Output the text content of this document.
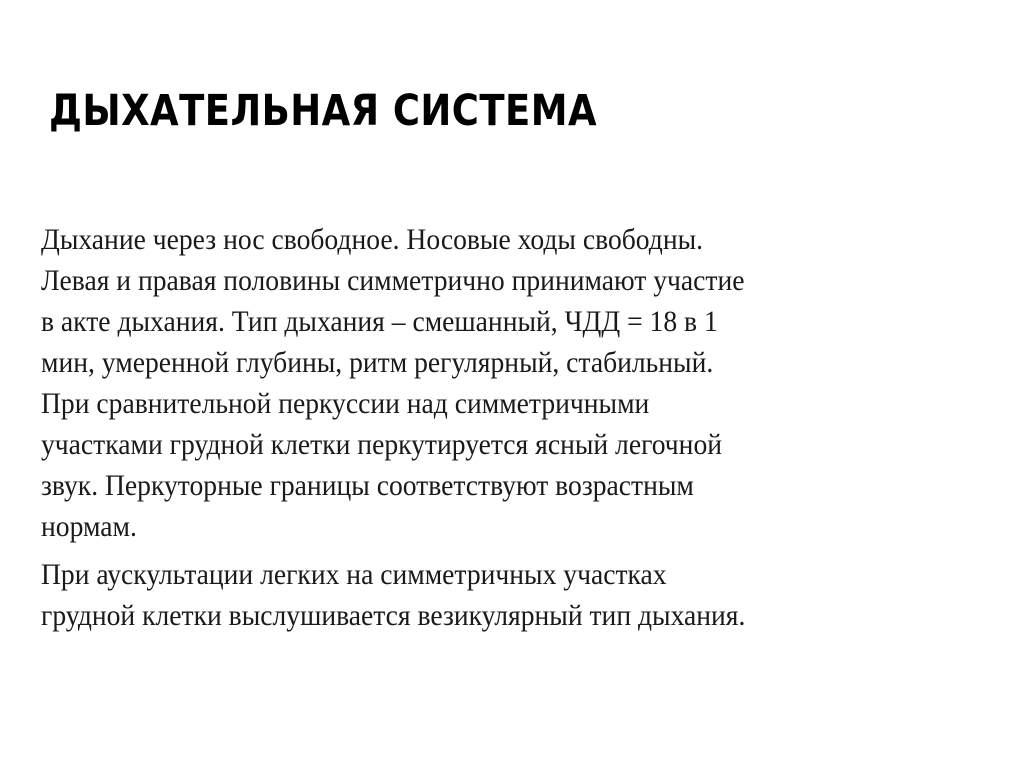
ДЫХАТЕЛЬНАЯ СИСТЕМА

Дыхание через нос свободное. Носовые ходы свободны.
Левая и правая половины симметрично принимают участие
в акте дыхания. Тип дыхания – смешанный, ЧДД = 18 в 1
мин, умеренной глубины, ритм регулярный, стабильный.
При сравнительной перкуссии над симметричными
участками грудной клетки перкутируется ясный легочной
звук. Перкуторные границы соответствуют возрастным
нормам.

При аускультации легких на симметричных участках
грудной клетки выслушивается везикулярный тип дыхания.
